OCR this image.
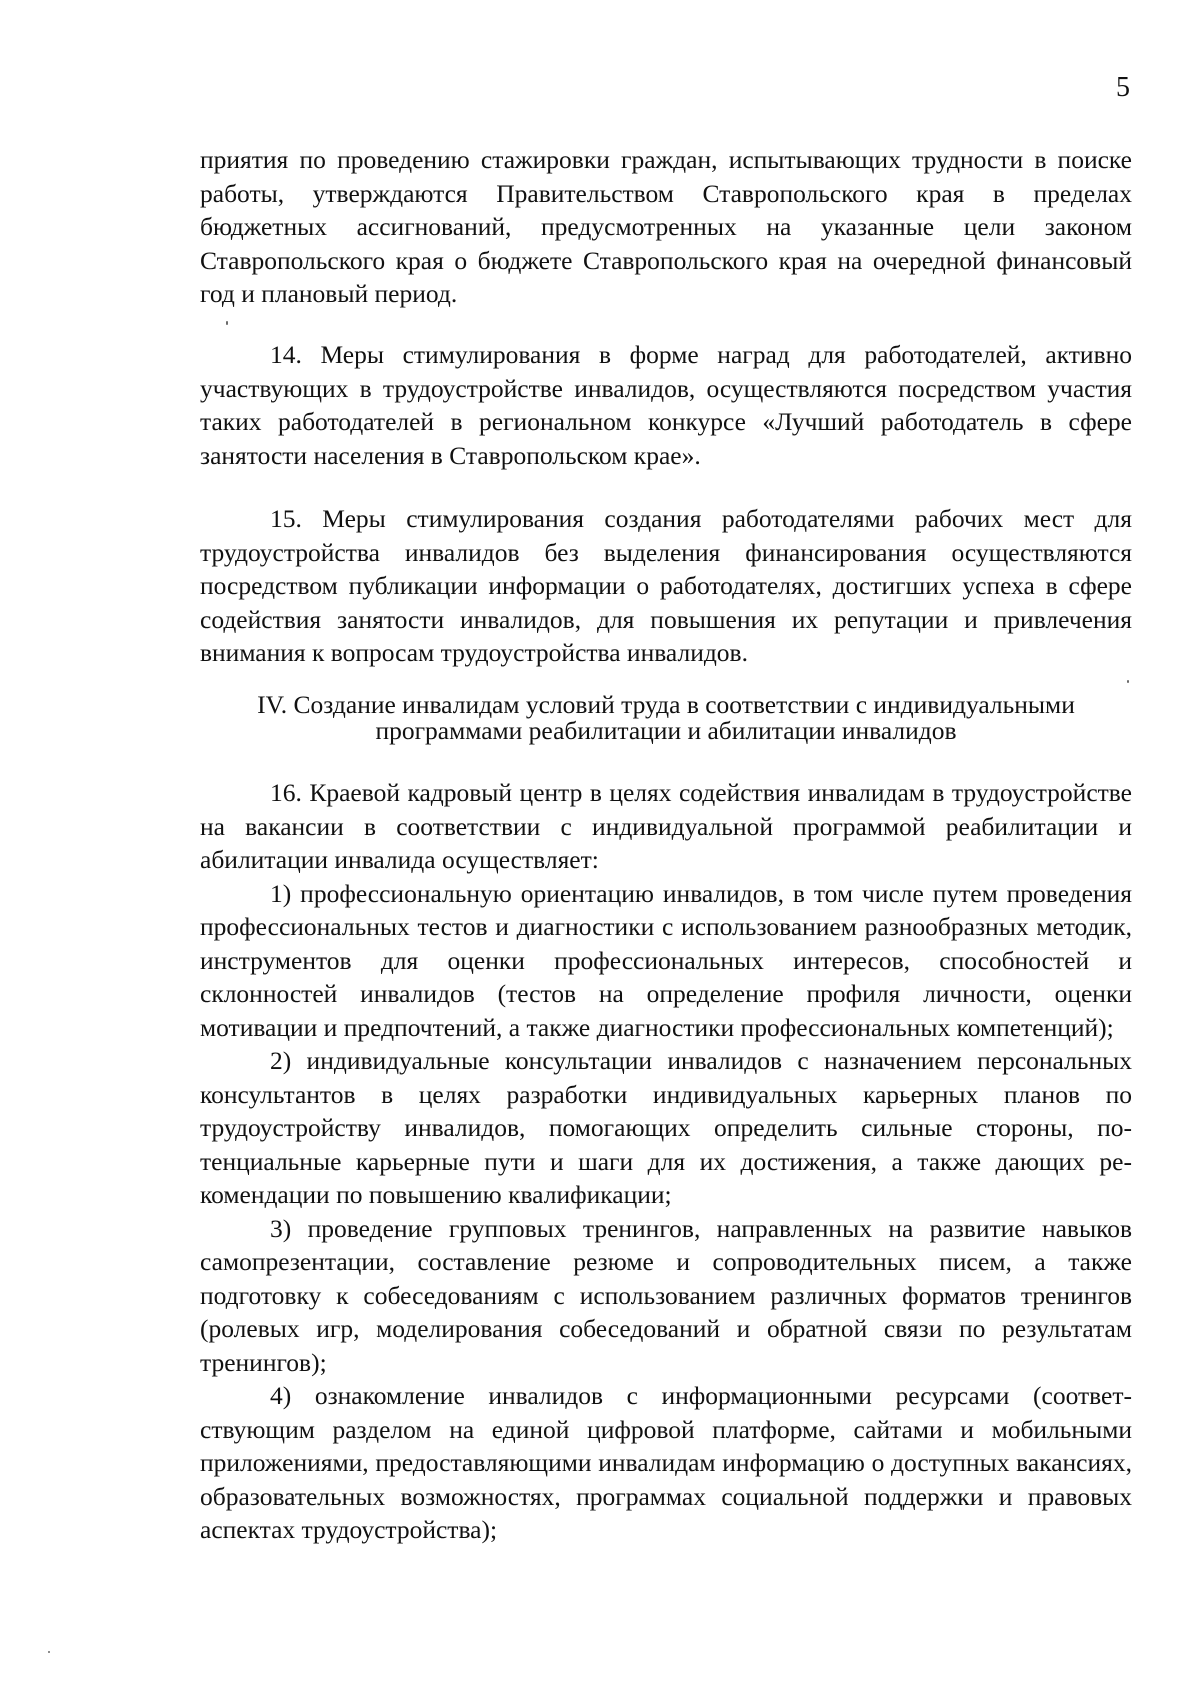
5

приятия по проведению стажировки граждан, испытывающих трудности в поиске работы, утверждаются Правительством Ставропольского края в пределах бюджетных ассигнований, предусмотренных на указанные цели законом Ставропольского края о бюджете Ставропольского края на очередной финансовый год и плановый период.

14. Меры стимулирования в форме наград для работодателей, активно участвующих в трудоустройстве инвалидов, осуществляются посредством участия таких работодателей в региональном конкурсе «Лучший работодатель в сфере занятости населения в Ставропольском крае».

15. Меры стимулирования создания работодателями рабочих мест для трудоустройства инвалидов без выделения финансирования осуществляются посредством публикации информации о работодателях, достигших успеха в сфере содействия занятости инвалидов, для повышения их репутации и привлечения внимания к вопросам трудоустройства инвалидов.

IV. Создание инвалидам условий труда в соответствии с индивидуальными
программами реабилитации и абилитации инвалидов

16. Краевой кадровый центр в целях содействия инвалидам в трудоустройстве на вакансии в соответствии с индивидуальной программой реабилитации и абилитации инвалида осуществляет:

1) профессиональную ориентацию инвалидов, в том числе путем проведения профессиональных тестов и диагностики с использованием разнообразных методик, инструментов для оценки профессиональных интересов, способностей и склонностей инвалидов (тестов на определение профиля личности, оценки мотивации и предпочтений, а также диагностики профессиональных компетенций);

2) индивидуальные консультации инвалидов с назначением персональных консультантов в целях разработки индивидуальных карьерных планов по трудоустройству инвалидов, помогающих определить сильные стороны, потенциальные карьерные пути и шаги для их достижения, а также дающих рекомендации по повышению квалификации;

3) проведение групповых тренингов, направленных на развитие навыков самопрезентации, составление резюме и сопроводительных писем, а также подготовку к собеседованиям с использованием различных форматов тренингов (ролевых игр, моделирования собеседований и обратной связи по результатам тренингов);

4) ознакомление инвалидов с информационными ресурсами (соответствующим разделом на единой цифровой платформе, сайтами и мобильными приложениями, предоставляющими инвалидам информацию о доступных вакансиях, образовательных возможностях, программах социальной поддержки и правовых аспектах трудоустройства);
